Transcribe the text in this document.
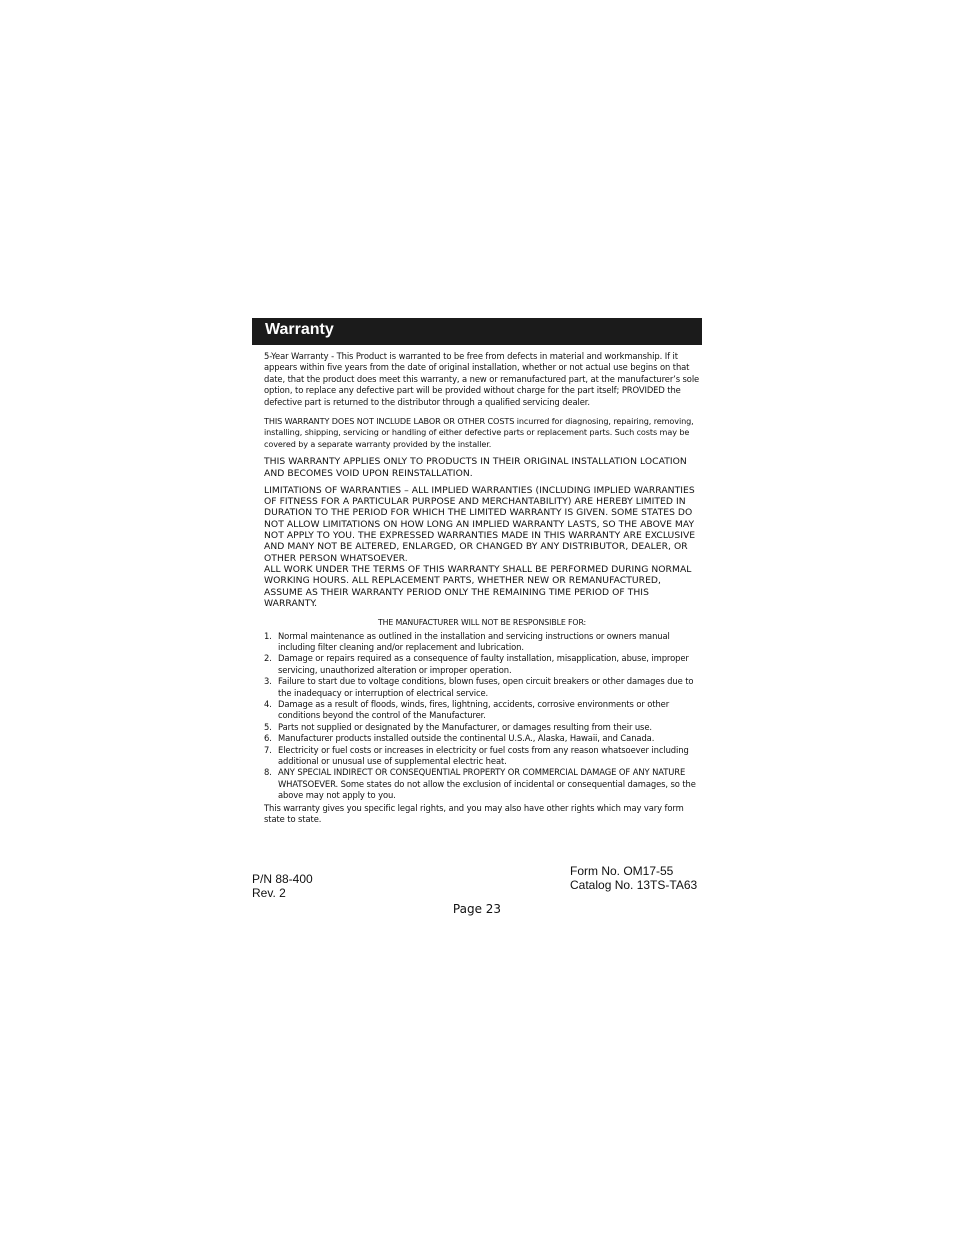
Warranty

5-Year Warranty - This Product is warranted to be free from defects in material and workmanship. If it appears within five years from the date of original installation, whether or not actual use begins on that date, that the product does meet this warranty, a new or remanufactured part, at the manufacturer’s sole option, to replace any defective part will be provided without charge for the part itself; PROVIDED the defective part is returned to the distributor through a qualified servicing dealer.

THIS WARRANTY DOES NOT INCLUDE LABOR OR OTHER COSTS incurred for diagnosing, repairing, removing, installing, shipping, servicing or handling of either defective parts or replacement parts. Such costs may be covered by a separate warranty provided by the installer.

THIS WARRANTY APPLIES ONLY TO PRODUCTS IN THEIR ORIGINAL INSTALLATION LOCATION AND BECOMES VOID UPON REINSTALLATION.

LIMITATIONS OF WARRANTIES – ALL IMPLIED WARRANTIES (INCLUDING IMPLIED WARRANTIES OF FITNESS FOR A PARTICULAR PURPOSE AND MERCHANTABILITY) ARE HEREBY LIMITED IN DURATION TO THE PERIOD FOR WHICH THE LIMITED WARRANTY IS GIVEN. SOME STATES DO NOT ALLOW LIMITATIONS ON HOW LONG AN IMPLIED WARRANTY LASTS, SO THE ABOVE MAY NOT APPLY TO YOU. THE EXPRESSED WARRANTIES MADE IN THIS WARRANTY ARE EXCLUSIVE AND MANY NOT BE ALTERED, ENLARGED, OR CHANGED BY ANY DISTRIBUTOR, DEALER, OR OTHER PERSON WHATSOEVER.

ALL WORK UNDER THE TERMS OF THIS WARRANTY SHALL BE PERFORMED DURING NORMAL WORKING HOURS. ALL REPLACEMENT PARTS, WHETHER NEW OR REMANUFACTURED, ASSUME AS THEIR WARRANTY PERIOD ONLY THE REMAINING TIME PERIOD OF THIS WARRANTY.

THE MANUFACTURER WILL NOT BE RESPONSIBLE FOR:

1. Normal maintenance as outlined in the installation and servicing instructions or owners manual including filter cleaning and/or replacement and lubrication.
2. Damage or repairs required as a consequence of faulty installation, misapplication, abuse, improper servicing, unauthorized alteration or improper operation.
3. Failure to start due to voltage conditions, blown fuses, open circuit breakers or other damages due to the inadequacy or interruption of electrical service.
4. Damage as a result of floods, winds, fires, lightning, accidents, corrosive environments or other conditions beyond the control of the Manufacturer.
5. Parts not supplied or designated by the Manufacturer, or damages resulting from their use.
6. Manufacturer products installed outside the continental U.S.A., Alaska, Hawaii, and Canada.
7. Electricity or fuel costs or increases in electricity or fuel costs from any reason whatsoever including additional or unusual use of supplemental electric heat.
8. ANY SPECIAL INDIRECT OR CONSEQUENTIAL PROPERTY OR COMMERCIAL DAMAGE OF ANY NATURE WHATSOEVER. Some states do not allow the exclusion of incidental or consequential damages, so the above may not apply to you.

This warranty gives you specific legal rights, and you may also have other rights which may vary form state to state.

P/N 88-400
Rev. 2
Form No. OM17-55
Catalog No. 13TS-TA63
Page 23
